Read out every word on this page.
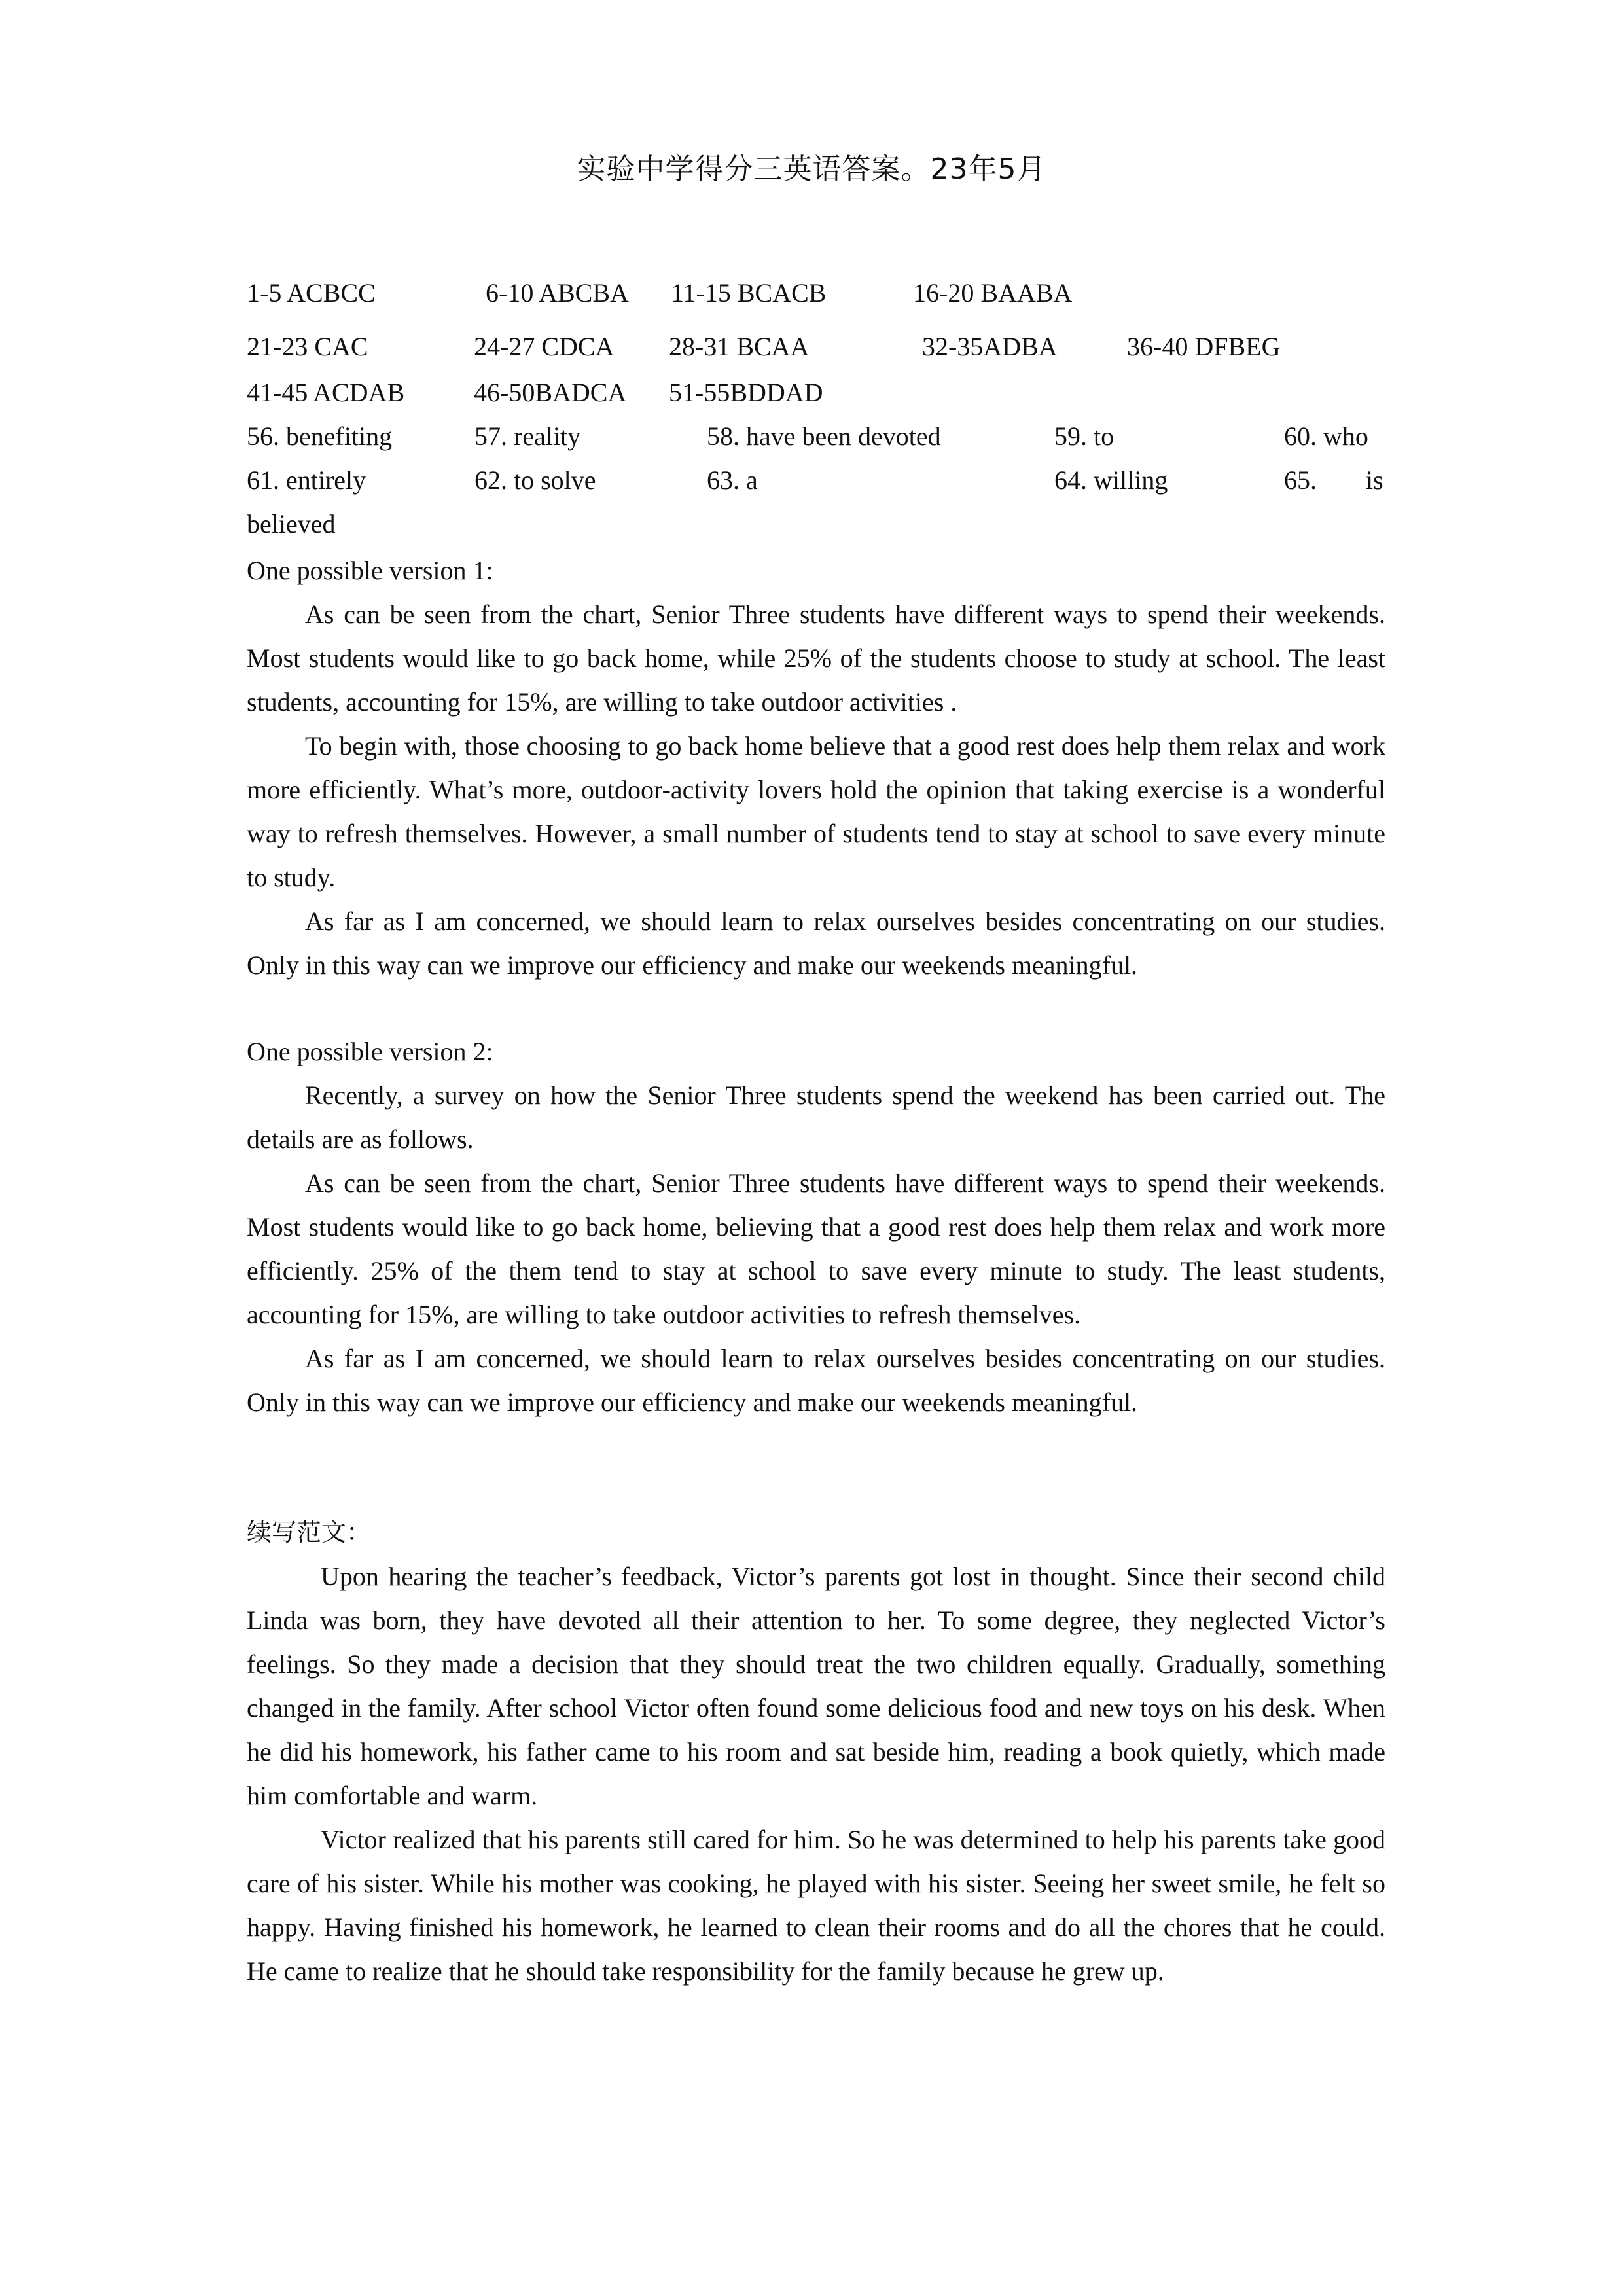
实验中学得分三英语答案。23年5月
1-5 ACBCC	6-10 ABCBA 11-15 BCACB	16-20 BAABA
21-23 CAC	24-27 CDCA 28-31 BCAA	32-35ADBA	36-40 DFBEG
41-45 ACDAB	46-50BADCA 51-55BDDAD
56. benefiting	57. reality	58. have been devoted	59. to	60. who
61. entirely	62. to solve	63. a	64. willing	65. is
believed
One possible version 1:

As can be seen from the chart, Senior Three students have different ways to spend their weekends. Most students would like to go back home, while 25% of the students choose to study at school. The least students, accounting for 15%, are willing to take outdoor activities .

To begin with, those choosing to go back home believe that a good rest does help them relax and work more efficiently. What’s more, outdoor-activity lovers hold the opinion that taking exercise is a wonderful way to refresh themselves. However, a small number of students tend to stay at school to save every minute to study.

As far as I am concerned, we should learn to relax ourselves besides concentrating on our studies. Only in this way can we improve our efficiency and make our weekends meaningful.

One possible version 2:

Recently, a survey on how the Senior Three students spend the weekend has been carried out. The details are as follows.

As can be seen from the chart, Senior Three students have different ways to spend their weekends. Most students would like to go back home, believing that a good rest does help them relax and work more efficiently. 25% of the them tend to stay at school to save every minute to study. The least students, accounting for 15%, are willing to take outdoor activities to refresh themselves.

As far as I am concerned, we should learn to relax ourselves besides concentrating on our studies. Only in this way can we improve our efficiency and make our weekends meaningful.

续写范文：

Upon hearing the teacher’s feedback, Victor’s parents got lost in thought. Since their second child Linda was born, they have devoted all their attention to her. To some degree, they neglected Victor’s feelings. So they made a decision that they should treat the two children equally. Gradually, something changed in the family. After school Victor often found some delicious food and new toys on his desk. When he did his homework, his father came to his room and sat beside him, reading a book quietly, which made him comfortable and warm.

Victor realized that his parents still cared for him. So he was determined to help his parents take good care of his sister. While his mother was cooking, he played with his sister. Seeing her sweet smile, he felt so happy. Having finished his homework, he learned to clean their rooms and do all the chores that he could. He came to realize that he should take responsibility for the family because he grew up.
